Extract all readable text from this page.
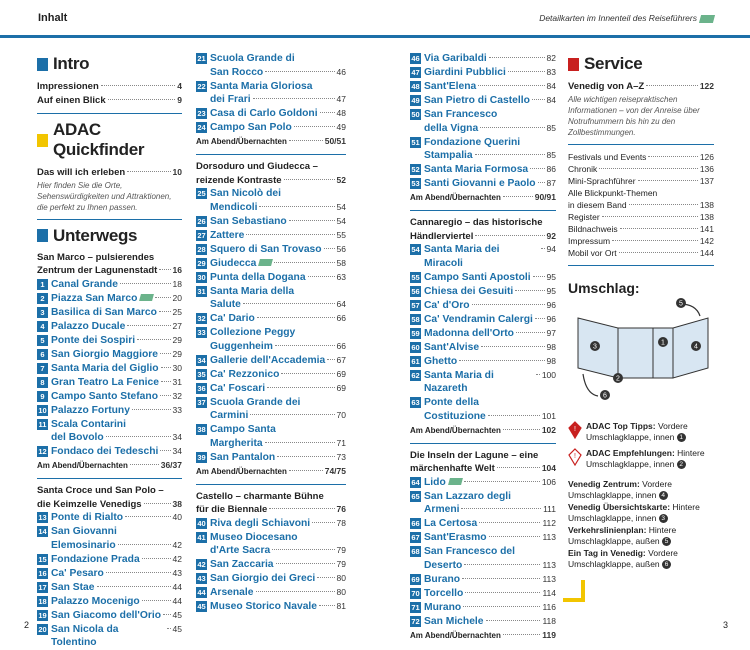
Inhalt	Detailkarten im Innenteil des Reiseführers
Intro
Impressionen	4
Auf einen Blick	9
ADAC Quickfinder
Das will ich erleben	10
Hier finden Sie die Orte, Sehenswürdigkeiten und Attraktionen, die perfekt zu Ihnen passen.
Unterwegs
San Marco – pulsierendes
Zentrum der Lagunenstadt 16
1 Canal Grande	18
2 Piazza San Marco	20
3 Basilica di San Marco 25
4 Palazzo Ducale	27
5 Ponte dei Sospiri	29
6 San Giorgio Maggiore 29
7 Santa Maria del Giglio 30
8 Gran Teatro La Fenice 31
9 Campo Santo Stefano 32
10 Palazzo Fortuny	33
11 Scala Contarini
del Bovolo	34
12 Fondaco dei Tedeschi 34
Am Abend/Übernachten	36/37
Santa Croce und San Polo –
die Keimzelle Venedigs	38
13 Ponte di Rialto	40
14 San Giovanni
Elemosinario	42
15 Fondazione Prada	42
16 Ca' Pesaro	43
17 San Stae	44
18 Palazzo Mocenigo	44
19 San Giacomo dell'Orio 45
20 San Nicola da Tolentino
45
21 Scuola Grande di
San Rocco	46
22 Santa Maria Gloriosa
dei Frari	47
23 Casa di Carlo Goldoni 48
24 Campo San Polo	49
Am Abend/Übernachten	50/51
Dorsoduro und Giudecca –
reizende Kontraste	52
25 San Nicolò dei
Mendicoli	54
26 San Sebastiano	54
27 Zattere	55
28 Squero di San Trovaso 56
29 Giudecca	58
30 Punta della Dogana	63
31 Santa Maria della
Salute	64
32 Ca' Dario	66
33 Collezione Peggy
Guggenheim	66
34 Gallerie dell'Accademia 67
35 Ca' Rezzonico	69
36 Ca' Foscari	69
37 Scuola Grande dei
Carmini	70
38 Campo Santa
Margherita	71
39 San Pantalon	73
Am Abend/Übernachten	74/75
Castello – charmante Bühne
für die Biennale	76
40 Riva degli Schiavoni	78
41 Museo Diocesano
d'Arte Sacra	79
42 San Zaccaria	79
43 San Giorgio dei Greci 80
44 Arsenale	80
45 Museo Storico Navale 81
46 Via Garibaldi	82
47 Giardini Pubblici	83
48 Sant'Elena	84
49 San Pietro di Castello 84
50 San Francesco
della Vigna	85
51 Fondazione Querini
Stampalia	85
52 Santa Maria Formosa 86
53 Santi Giovanni e Paolo 87
Am Abend/Übernachten	90/91
Cannaregio – das historische
Händlerviertel	92
54 Santa Maria dei Miracoli
94
55 Campo Santi Apostoli 95
56 Chiesa dei Gesuiti	95
57 Ca' d'Oro	96
58 Ca' Vendramin Calergi 96
59 Madonna dell'Orto	97
60 Sant'Alvise	98
61 Ghetto	98
62 Santa Maria di Nazareth
100
63 Ponte della
Costituzione	101
Am Abend/Übernachten	102
Die Inseln der Lagune – eine
märchenhafte Welt	104
64 Lido	106
65 San Lazzaro degli
Armeni	111
66 La Certosa	112
67 Sant'Erasmo	113
68 San Francesco del
Deserto	113
69 Burano	113
70 Torcello	114
71 Murano	116
72 San Michele	118
Am Abend/Übernachten	119
Service
Venedig von A–Z	122
Alle wichtigen reisepraktischen Informationen – von der Anreise über Notrufnummern bis hin zu den Zollbestimmungen.
Festivals und Events	126
Chronik	136
Mini-Sprachführer	137
Alle Blickpunkt-Themen
in diesem Band	138
Register	138
Bildnachweis	141
Impressum	142
Mobil vor Ort	144
Umschlag:
1
2
3	4
5
6
! ADAC Top Tipps: Vordere Umschlagklappe, innen 1
! ADAC Empfehlungen: Hintere Umschlagklappe, innen 2
Venedig Zentrum: Vordere Umschlagklappe, innen 4
Venedig Übersichtskarte: Hintere Umschlagklappe, innen 3
Verkehrslinienplan: Hintere Umschlagklappe, außen 5
Ein Tag in Venedig: Vordere Umschlagklappe, außen 6
2	3
